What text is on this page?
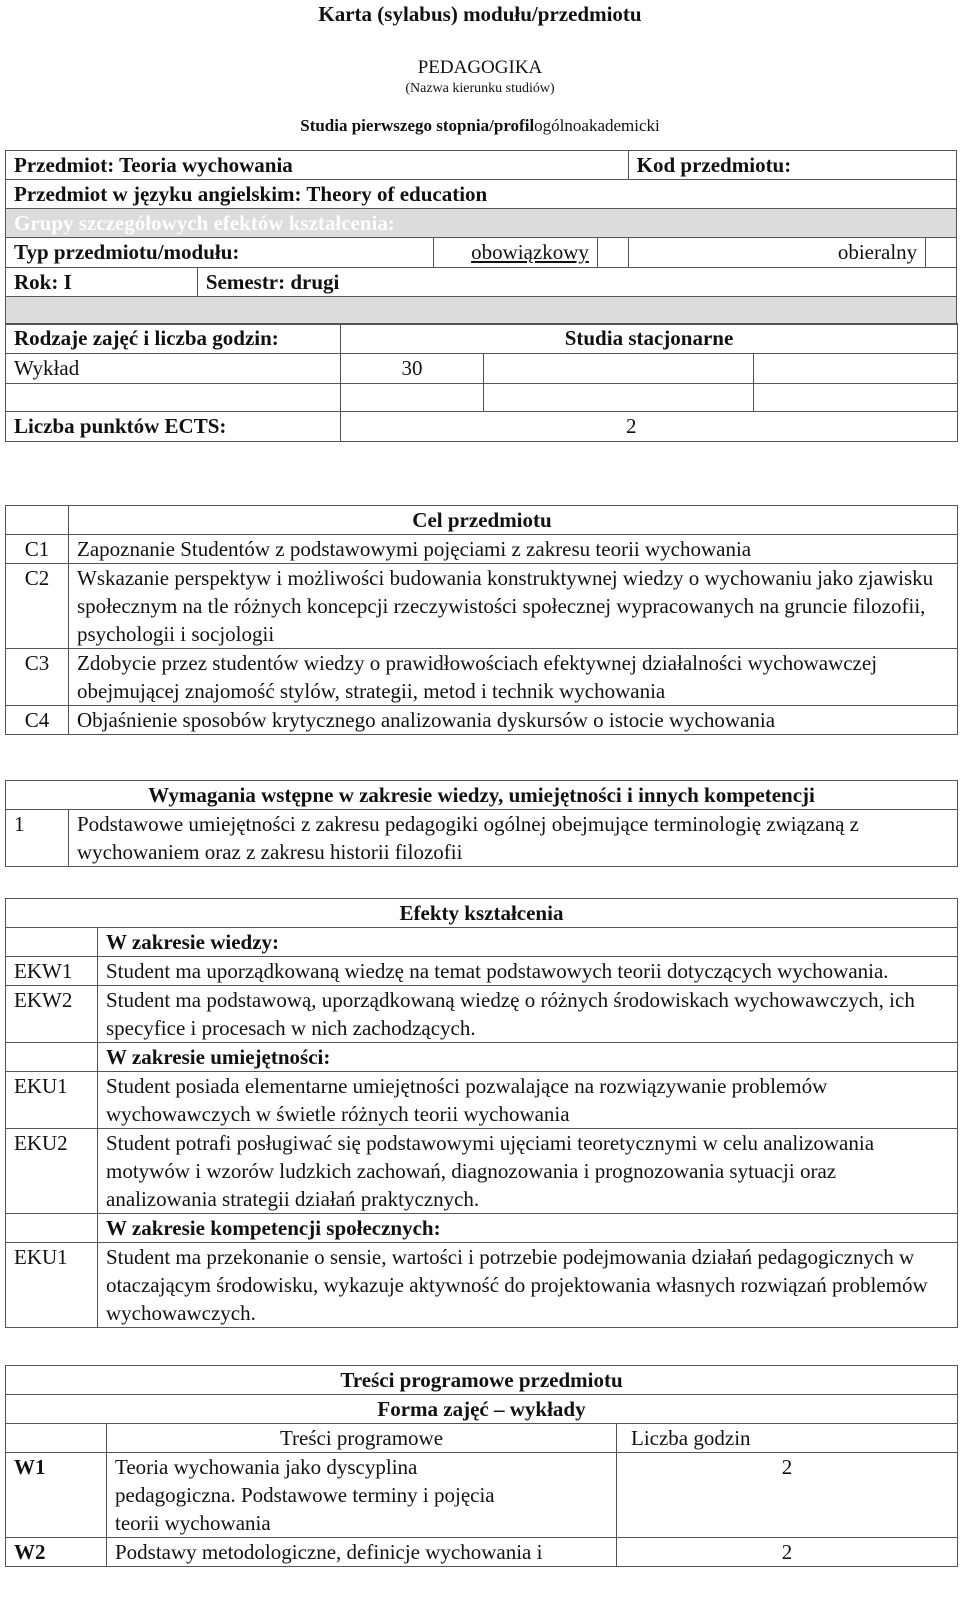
Karta (sylabus) modułu/przedmiotu
PEDAGOGIKA
(Nazwa kierunku studiów)
Studia pierwszego stopnia/profilogólnoakademicki
Przedmiot: Teoria wychowania				Kod przedmiotu:	
Przedmiot w języku angielskim: Theory of education					
Grupy szczegółowych efektów kształcenia:					
Typ przedmiotu/modułu:		obowiązkowy		obieralny	
Rok: I	Semestr: drugi				

Rodzaje zajęć i liczba godzin:	Studia stacjonarne		
Wykład	30		

Liczba punktów ECTS:	2		
	Cel przedmiotu
C1	Zapoznanie Studentów z podstawowymi pojęciami z zakresu teorii wychowania
C2	Wskazanie perspektyw i możliwości budowania konstruktywnej wiedzy o wychowaniu jako zjawisku społecznym na tle różnych koncepcji rzeczywistości społecznej wypracowanych na gruncie filozofii, psychologii i socjologii
C3	Zdobycie przez studentów wiedzy o prawidłowościach efektywnej działalności wychowawczej obejmującej znajomość stylów, strategii, metod i technik wychowania
C4	Objaśnienie sposobów krytycznego analizowania dyskursów o istocie wychowania
Wymagania wstępne w zakresie wiedzy, umiejętności i innych kompetencji
1	Podstawowe umiejętności z zakresu pedagogiki ogólnej obejmujące terminologię związaną z wychowaniem oraz z zakresu historii filozofii
Efekty kształcenia	
	W zakresie wiedzy:
EKW1	Student ma uporządkowaną wiedzę na temat podstawowych teorii dotyczących wychowania.
EKW2	Student ma podstawową, uporządkowaną wiedzę o różnych środowiskach wychowawczych, ich specyfice i procesach w nich zachodzących.
	W zakresie umiejętności:
EKU1	Student posiada elementarne umiejętności pozwalające na rozwiązywanie problemów wychowawczych w świetle różnych teorii wychowania
EKU2	Student potrafi posługiwać się podstawowymi ujęciami teoretycznymi w celu analizowania motywów i wzorów ludzkich zachowań, diagnozowania i prognozowania sytuacji oraz analizowania strategii działań praktycznych.
	W zakresie kompetencji społecznych:
EKU1	Student ma przekonanie o sensie, wartości i potrzebie podejmowania działań pedagogicznych w otaczającym środowisku, wykazuje aktywność do projektowania własnych rozwiązań problemów wychowawczych.
Treści programowe przedmiotu		
Forma zajęć – wykłady		
	Treści programowe	Liczba godzin
W1	Teoria wychowania jako dyscyplina pedagogiczna. Podstawowe terminy i pojęcia teorii wychowania	2
W2	Podstawy metodologiczne, definicje wychowania i	2
